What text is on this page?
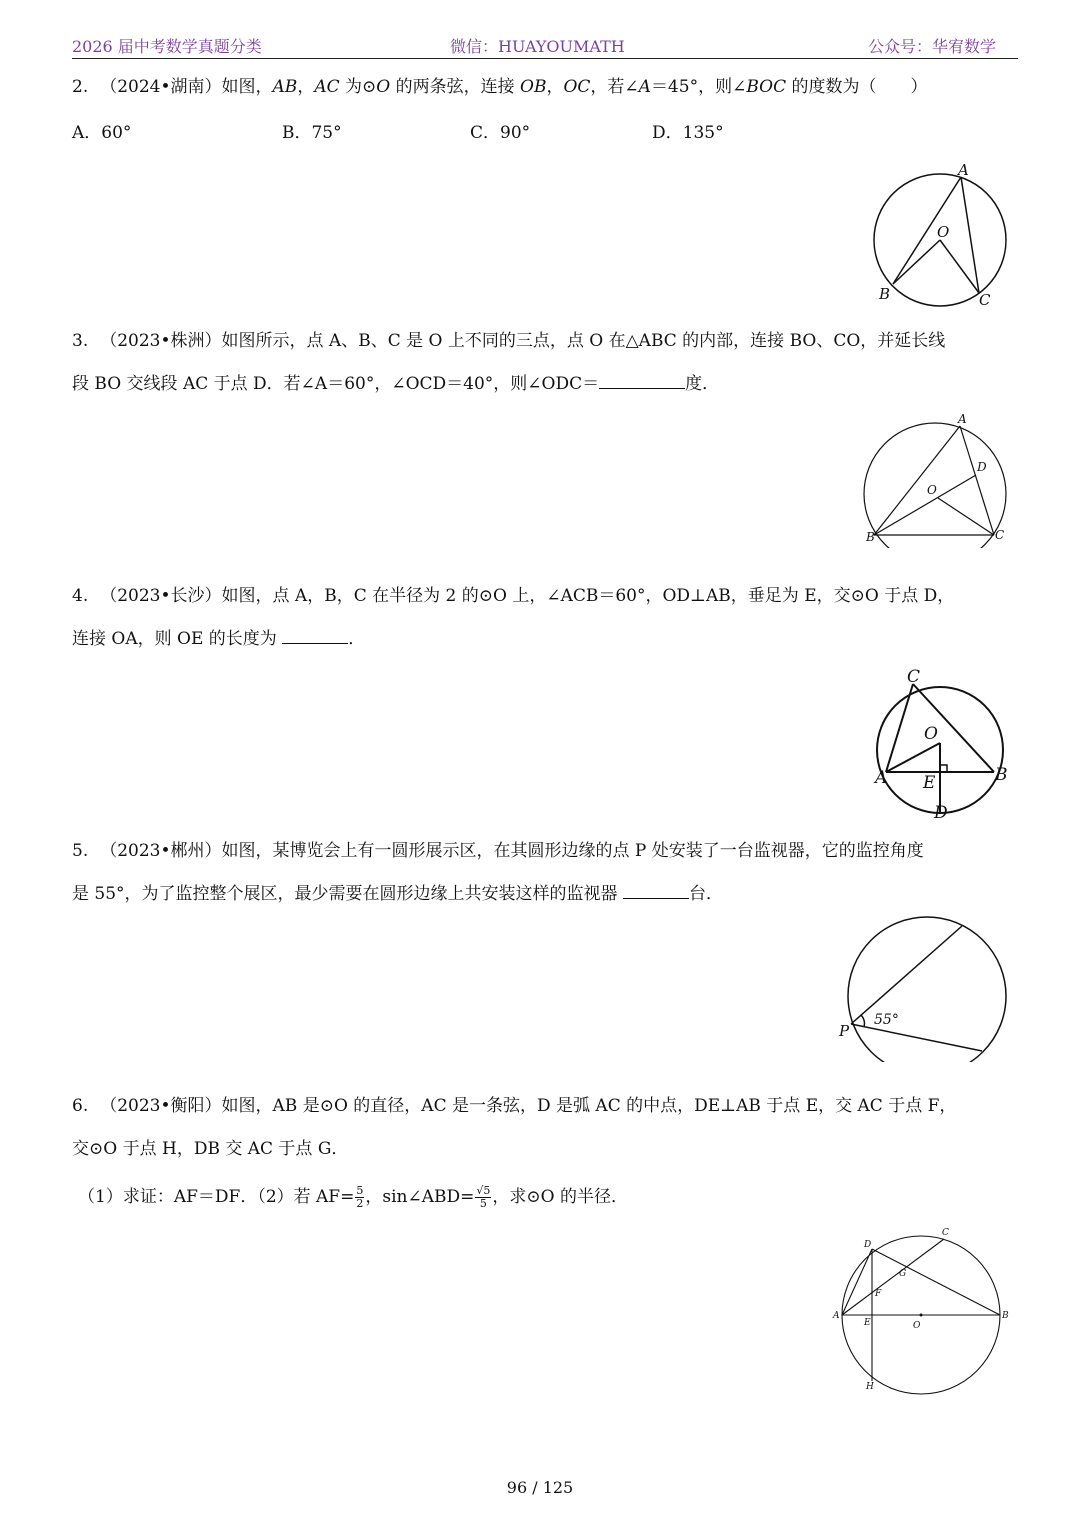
2026 届中考数学真题分类	微信：HUAYOUMATH	公众号：华宥数学
2. （2024•湖南）如图，AB，AC 为⊙O 的两条弦，连接 OB，OC，若∠A＝45°，则∠BOC 的度数为（　　）
A．60°	B．75°	C．90°	D．135°
A
B	C
O
3. （2023•株洲）如图所示，点 A、B、C 是 O 上不同的三点，点 O 在△ABC 的内部，连接 BO、CO，并延长线
段 BO 交线段 AC 于点 D．若∠A＝60°，∠OCD＝40°，则∠ODC＝	度．
A
B	C
D
O
4. （2023•长沙）如图，点 A，B，C 在半径为 2 的⊙O 上，∠ACB＝60°，OD⊥AB，垂足为 E，交⊙O 于点 D，
连接 OA，则 OE 的长度为	．
C
A	B
O
E
D
5. （2023•郴州）如图，某博览会上有一圆形展示区，在其圆形边缘的点 P 处安装了一台监视器，它的监控角度
是 55°，为了监控整个展区，最少需要在圆形边缘上共安装这样的监视器	台．
P
55°
6. （2023•衡阳）如图，AB 是⊙O 的直径，AC 是一条弦，D 是弧 AC 的中点，DE⊥AB 于点 E，交 AC 于点 F，
交⊙O 于点 H，DB 交 AC 于点 G．
（1）求证：AF＝DF．（2）若 $AF= \frac{5}{2}$ ，sin∠ABD= $\frac{√5}{5}$ ，求⊙O 的半径．
C
D
G
F
A	B
E	O
H
96 / 125
